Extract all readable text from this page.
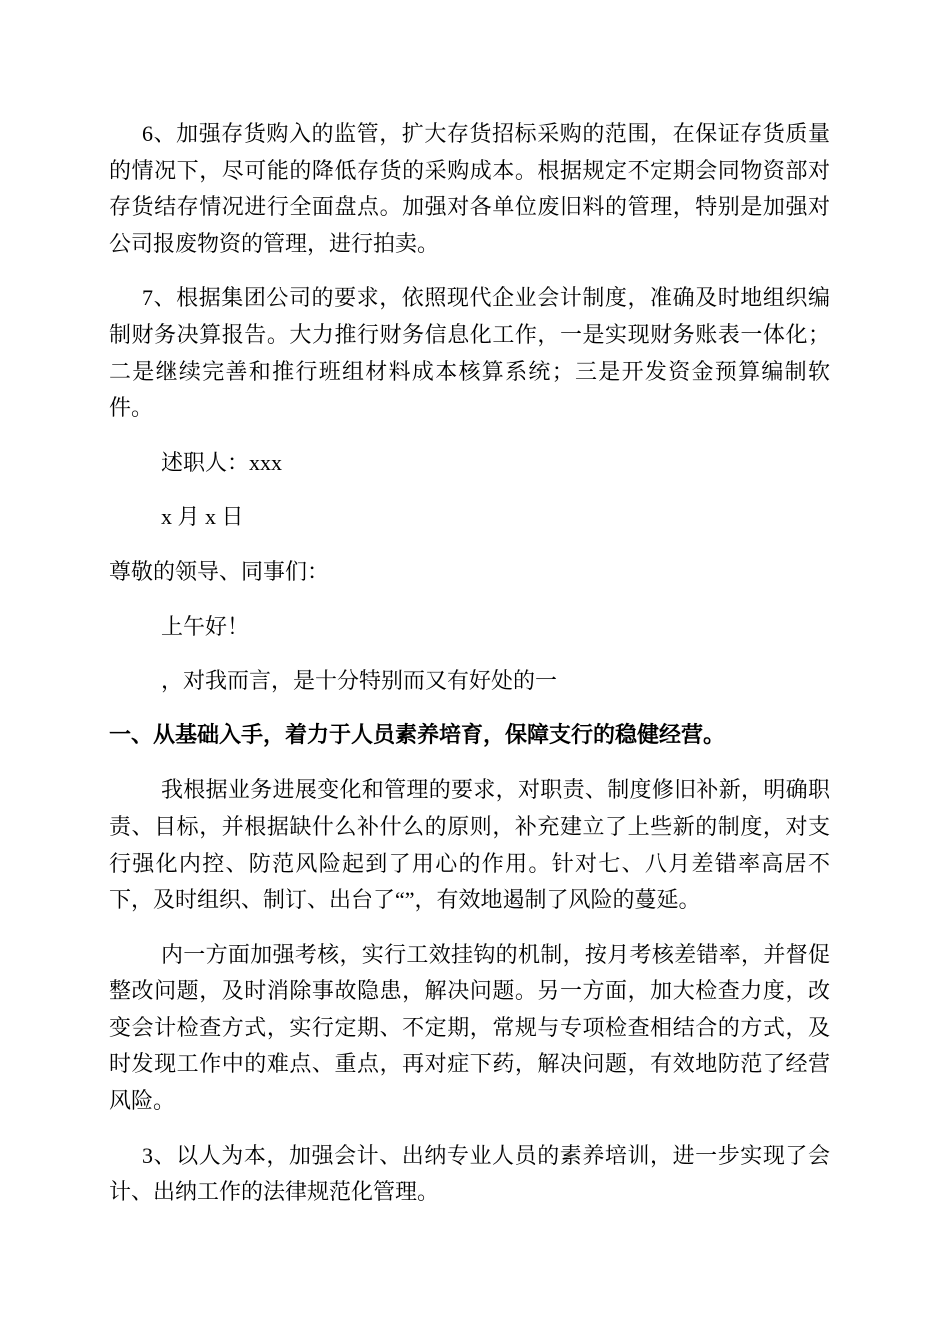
6、加强存货购入的监管，扩大存货招标采购的范围，在保证存货质量的情况下，尽可能的降低存货的采购成本。根据规定不定期会同物资部对存货结存情况进行全面盘点。加强对各单位废旧料的管理，特别是加强对公司报废物资的管理，进行拍卖。

7、根据集团公司的要求，依照现代企业会计制度，准确及时地组织编制财务决算报告。大力推行财务信息化工作，一是实现财务账表一体化；二是继续完善和推行班组材料成本核算系统；三是开发资金预算编制软件。

述职人：xxx

x 月 x 日

尊敬的领导、同事们：

上午好！

，对我而言，是十分特别而又有好处的一

一、从基础入手，着力于人员素养培育，保障支行的稳健经营。

我根据业务进展变化和管理的要求，对职责、制度修旧补新，明确职责、目标，并根据缺什么补什么的原则，补充建立了上些新的制度，对支行强化内控、防范风险起到了用心的作用。针对七、八月差错率高居不下，及时组织、制订、出台了“”，有效地遏制了风险的蔓延。

内一方面加强考核，实行工效挂钩的机制，按月考核差错率，并督促整改问题，及时消除事故隐患，解决问题。另一方面，加大检查力度，改变会计检查方式，实行定期、不定期，常规与专项检查相结合的方式，及时发现工作中的难点、重点，再对症下药，解决问题，有效地防范了经营风险。

3、以人为本，加强会计、出纳专业人员的素养培训，进一步实现了会计、出纳工作的法律规范化管理。
